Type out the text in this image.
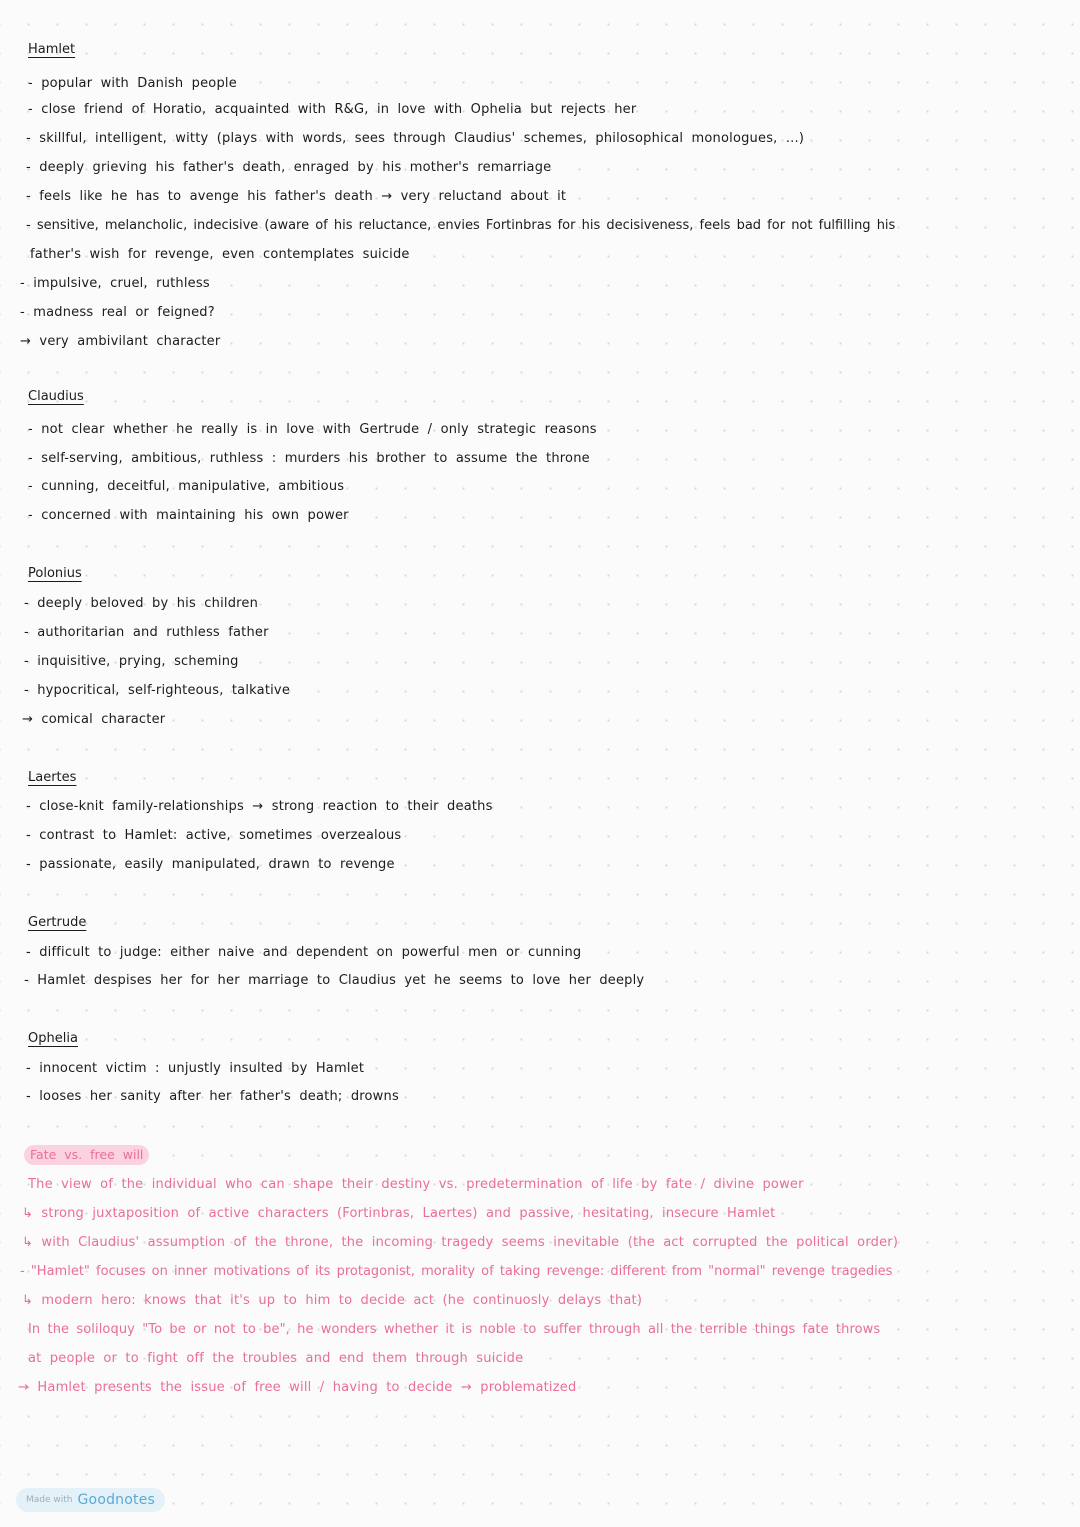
Hamlet
- popular with Danish people
- close friend of Horatio, acquainted with R&G, in love with Ophelia but rejects her
- skillful, intelligent, witty (plays with words, sees through Claudius' schemes, philosophical monologues, ...)
- deeply grieving his father's death, enraged by his mother's remarriage
- feels like he has to avenge his father's death → very reluctand about it
- sensitive, melancholic, indecisive (aware of his reluctance, envies Fortinbras for his decisiveness, feels bad for not fulfilling his
father's wish for revenge, even contemplates suicide
- impulsive, cruel, ruthless
- madness real or feigned?
→ very ambivilant character
Claudius
- not clear whether he really is in love with Gertrude / only strategic reasons
- self-serving, ambitious, ruthless : murders his brother to assume the throne
- cunning, deceitful, manipulative, ambitious
- concerned with maintaining his own power
Polonius
- deeply beloved by his children
- authoritarian and ruthless father
- inquisitive, prying, scheming
- hypocritical, self-righteous, talkative
→ comical character
Laertes
- close-knit family-relationships → strong reaction to their deaths
- contrast to Hamlet: active, sometimes overzealous
- passionate, easily manipulated, drawn to revenge
Gertrude
- difficult to judge: either naive and dependent on powerful men or cunning
- Hamlet despises her for her marriage to Claudius yet he seems to love her deeply
Ophelia
- innocent victim : unjustly insulted by Hamlet
- looses her sanity after her father's death; drowns
Fate vs. free will
The view of the individual who can shape their destiny vs. predetermination of life by fate / divine power
↳ strong juxtaposition of active characters (Fortinbras, Laertes) and passive, hesitating, insecure Hamlet
↳ with Claudius' assumption of the throne, the incoming tragedy seems inevitable (the act corrupted the political order)
- "Hamlet" focuses on inner motivations of its protagonist, morality of taking revenge: different from "normal" revenge tragedies
↳ modern hero: knows that it's up to him to decide act (he continuosly delays that)
In the soliloquy "To be or not to be", he wonders whether it is noble to suffer through all the terrible things fate throws
at people or to fight off the troubles and end them through suicide
→ Hamlet presents the issue of free will / having to decide → problematized
Made with Goodnotes
